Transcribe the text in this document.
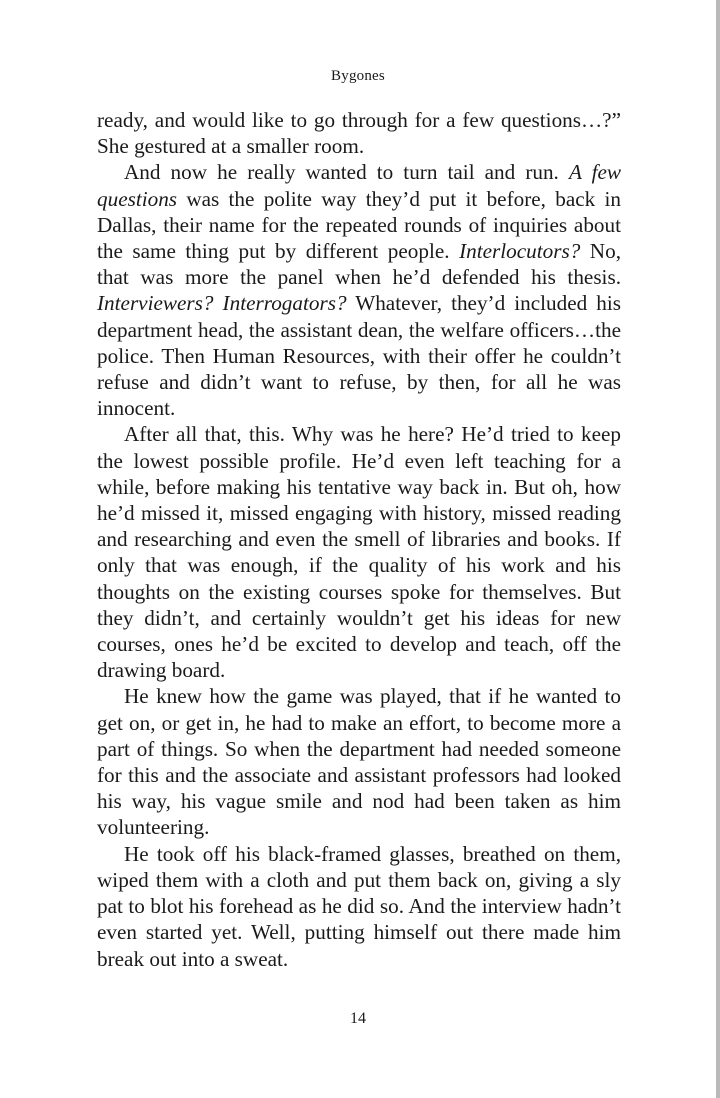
Bygones

ready, and would like to go through for a few questions…?” She gestured at a smaller room.

And now he really wanted to turn tail and run. A few questions was the polite way they’d put it before, back in Dallas, their name for the repeated rounds of inquiries about the same thing put by different people. Interlocutors? No, that was more the panel when he’d defended his thesis. Interviewers? Interrogators? Whatever, they’d included his department head, the assistant dean, the welfare officers…the police. Then Human Resources, with their offer he couldn’t refuse and didn’t want to refuse, by then, for all he was innocent.

After all that, this. Why was he here? He’d tried to keep the lowest possible profile. He’d even left teaching for a while, before making his tentative way back in. But oh, how he’d missed it, missed engaging with history, missed reading and researching and even the smell of libraries and books. If only that was enough, if the quality of his work and his thoughts on the existing courses spoke for themselves. But they didn’t, and certainly wouldn’t get his ideas for new courses, ones he’d be excited to develop and teach, off the drawing board.

He knew how the game was played, that if he wanted to get on, or get in, he had to make an effort, to become more a part of things. So when the department had needed someone for this and the associate and assistant professors had looked his way, his vague smile and nod had been taken as him volunteering.

He took off his black-framed glasses, breathed on them, wiped them with a cloth and put them back on, giving a sly pat to blot his forehead as he did so. And the interview hadn’t even started yet. Well, putting himself out there made him break out into a sweat.

14
